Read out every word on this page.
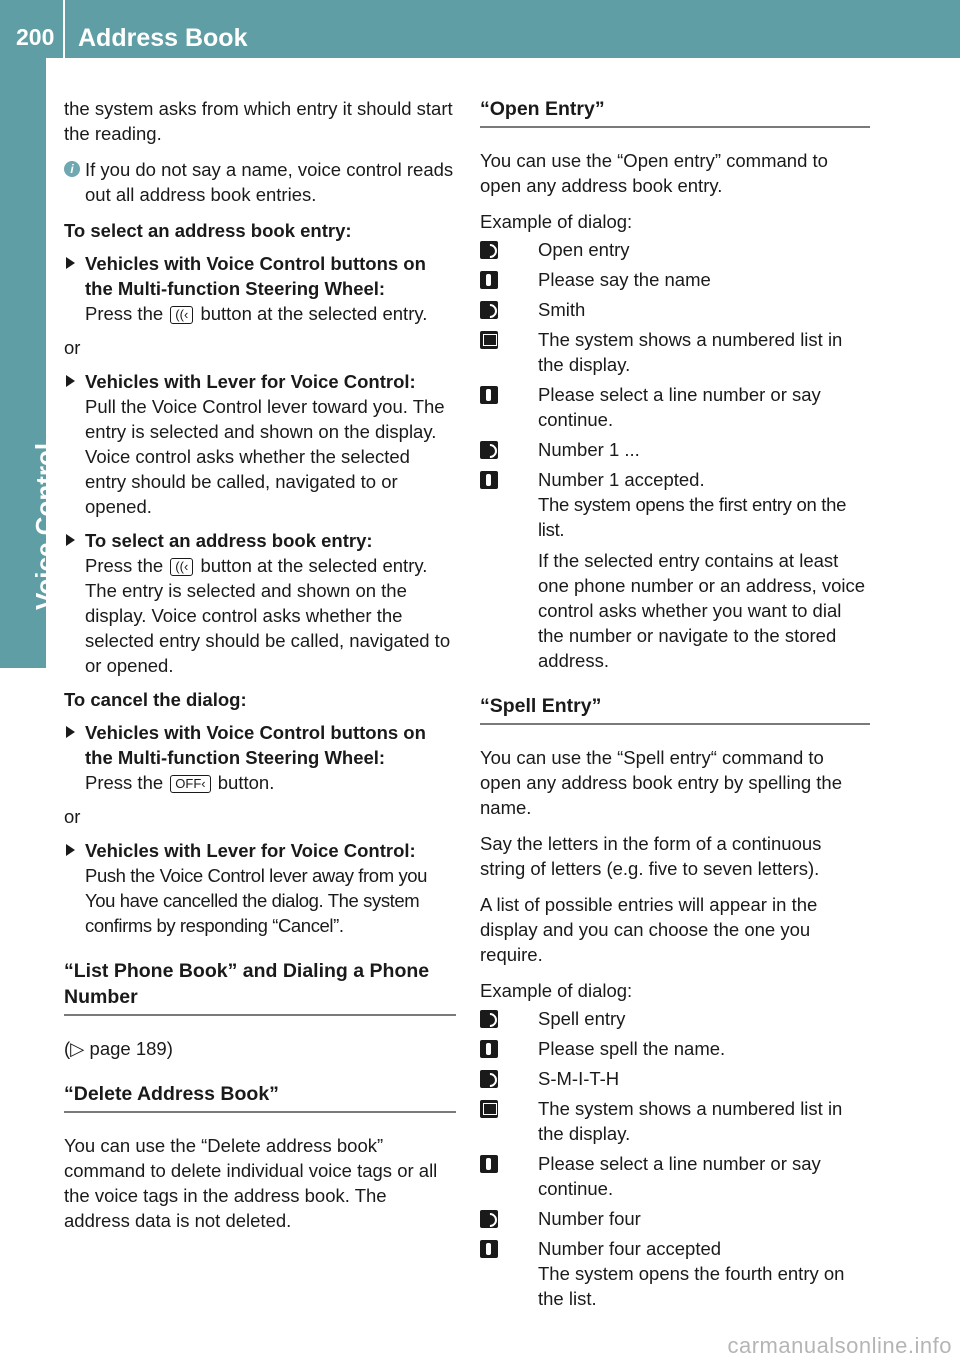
200 Address Book
Voice Control

the system asks from which entry it should start the reading.

i If you do not say a name, voice control reads out all address book entries.

To select an address book entry:

Vehicles with Voice Control buttons on the Multi-function Steering Wheel:
Press the ((‹ button at the selected entry.

or

Vehicles with Lever for Voice Control:
Pull the Voice Control lever toward you. The entry is selected and shown on the display. Voice control asks whether the selected entry should be called, navigated to or opened.
To select an address book entry:
Press the ((‹ button at the selected entry.
The entry is selected and shown on the display. Voice control asks whether the selected entry should be called, navigated to or opened.

To cancel the dialog:

Vehicles with Voice Control buttons on the Multi-function Steering Wheel:
Press the OFF‹ button.

or

Vehicles with Lever for Voice Control:
Push the Voice Control lever away from you You have cancelled the dialog. The system confirms by responding “Cancel”.
“List Phone Book” and Dialing a Phone Number

(▷ page 189)

“Delete Address Book”

You can use the “Delete address book” command to delete individual voice tags or all the voice tags in the address book. The address data is not deleted.

“Open Entry”

You can use the “Open entry” command to open any address book entry.

Example of dialog:

Open entry
Please say the name
Smith
The system shows a numbered list in the display.
Please select a line number or say continue.
Number 1 ...
Number 1 accepted.
The system opens the first entry on the list.
If the selected entry contains at least one phone number or an address, voice control asks whether you want to dial the number or navigate to the stored address.
“Spell Entry”

You can use the “Spell entry“ command to open any address book entry by spelling the name.

Say the letters in the form of a continuous string of letters (e.g. five to seven letters).

A list of possible entries will appear in the display and you can choose the one you require.

Example of dialog:

Spell entry
Please spell the name.
S-M-I-T-H
The system shows a numbered list in the display.
Please select a line number or say continue.
Number four
Number four accepted
The system opens the fourth entry on the list.
carmanualsonline.info
